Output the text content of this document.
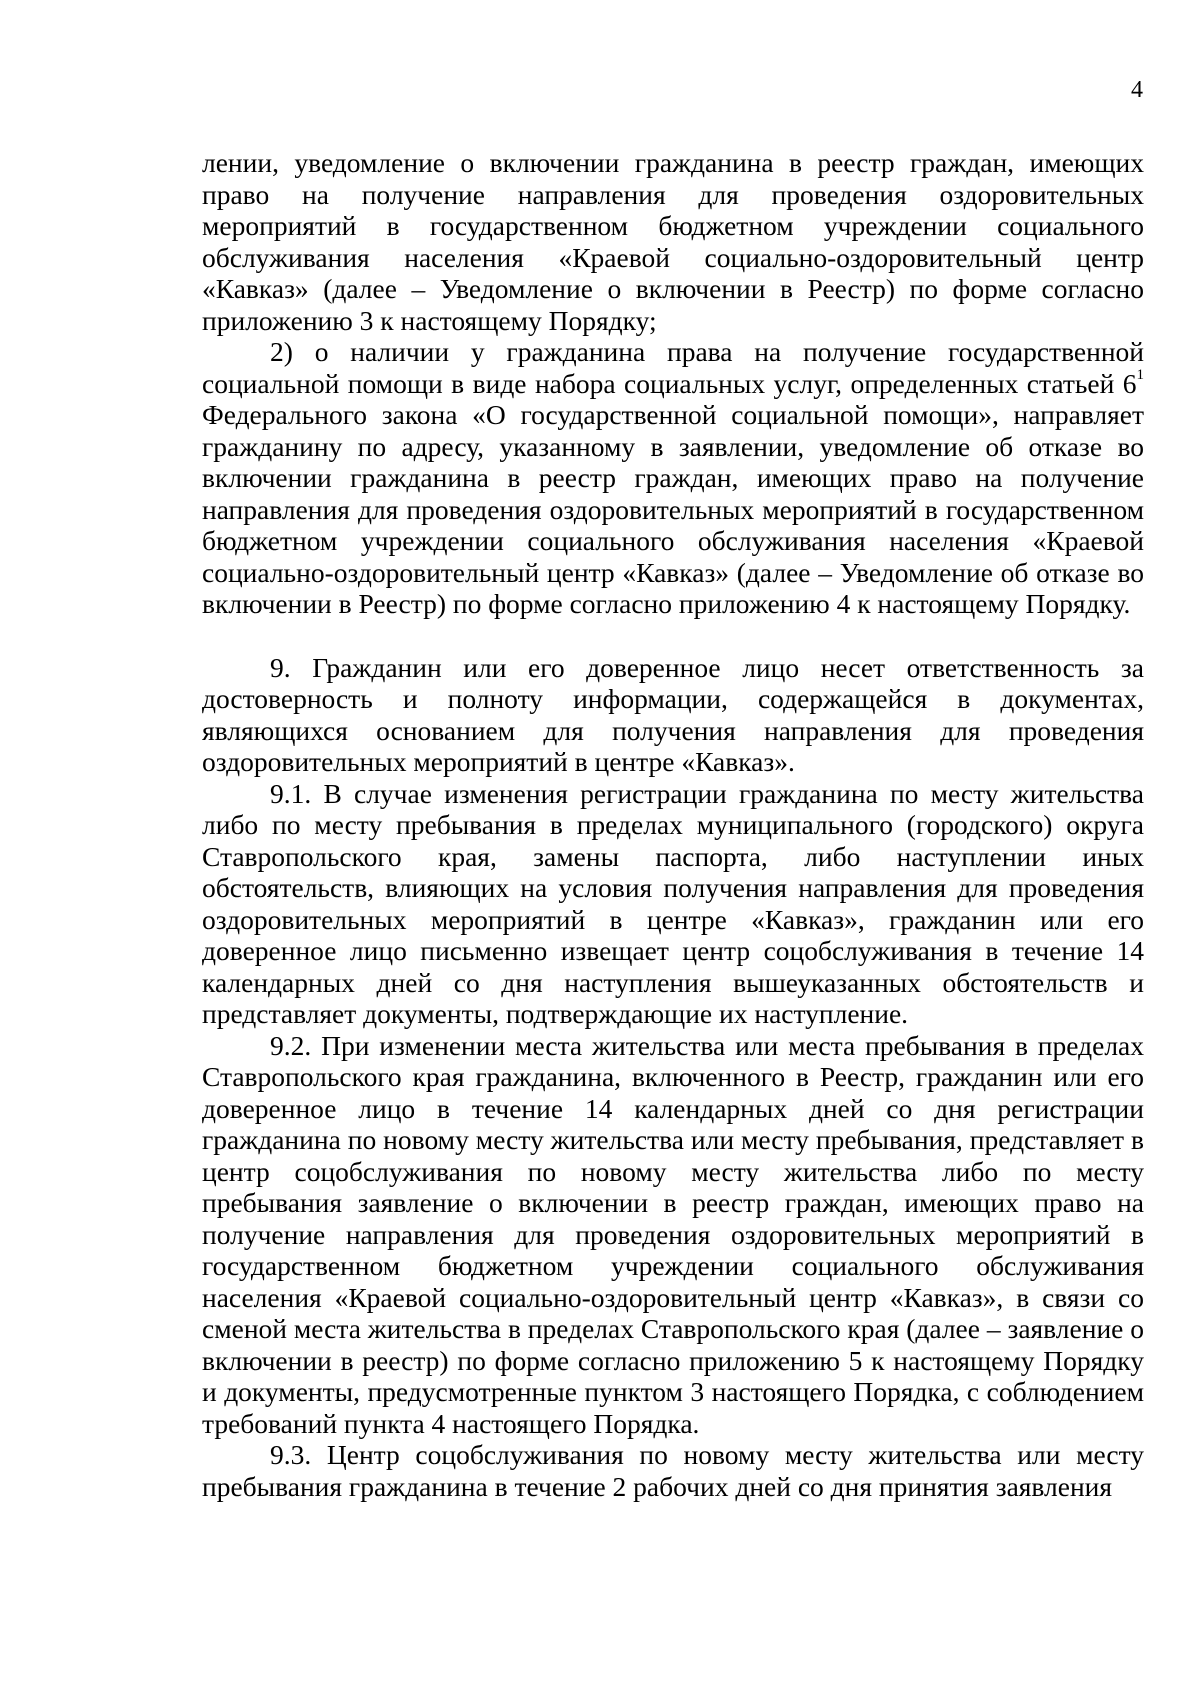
4

лении, уведомление о включении гражданина в реестр граждан, имеющих право на получение направления для проведения оздоровительных мероприятий в государственном бюджетном учреждении социального обслуживания населения «Краевой социально-оздоровительный центр «Кавказ» (далее – Уведомление о включении в Реестр) по форме согласно приложению 3 к настоящему Порядку;

2) о наличии у гражданина права на получение государственной социальной помощи в виде набора социальных услуг, определенных статьей $6^1$ Федерального закона «О государственной социальной помощи», направляет гражданину по адресу, указанному в заявлении, уведомление об отказе во включении гражданина в реестр граждан, имеющих право на получение направления для проведения оздоровительных мероприятий в государственном бюджетном учреждении социального обслуживания населения «Краевой социально-оздоровительный центр «Кавказ» (далее – Уведомление об отказе во включении в Реестр) по форме согласно приложению 4 к настоящему Порядку.

9. Гражданин или его доверенное лицо несет ответственность за достоверность и полноту информации, содержащейся в документах, являющихся основанием для получения направления для проведения оздоровительных мероприятий в центре «Кавказ».

9.1. В случае изменения регистрации гражданина по месту жительства либо по месту пребывания в пределах муниципального (городского) округа Ставропольского края, замены паспорта, либо наступлении иных обстоятельств, влияющих на условия получения направления для проведения оздоровительных мероприятий в центре «Кавказ», гражданин или его доверенное лицо письменно извещает центр соцобслуживания в течение 14 календарных дней со дня наступления вышеуказанных обстоятельств и представляет документы, подтверждающие их наступление.

9.2. При изменении места жительства или места пребывания в пределах Ставропольского края гражданина, включенного в Реестр, гражданин или его доверенное лицо в течение 14 календарных дней со дня регистрации гражданина по новому месту жительства или месту пребывания, представляет в центр соцобслуживания по новому месту жительства либо по месту пребывания заявление о включении в реестр граждан, имеющих право на получение направления для проведения оздоровительных мероприятий в государственном бюджетном учреждении социального обслуживания населения «Краевой социально-оздоровительный центр «Кавказ», в связи со сменой места жительства в пределах Ставропольского края (далее – заявление о включении в реестр) по форме согласно приложению 5 к настоящему Порядку и документы, предусмотренные пунктом 3 настоящего Порядка, с соблюдением требований пункта 4 настоящего Порядка.

9.3. Центр соцобслуживания по новому месту жительства или месту пребывания гражданина в течение 2 рабочих дней со дня принятия заявления
